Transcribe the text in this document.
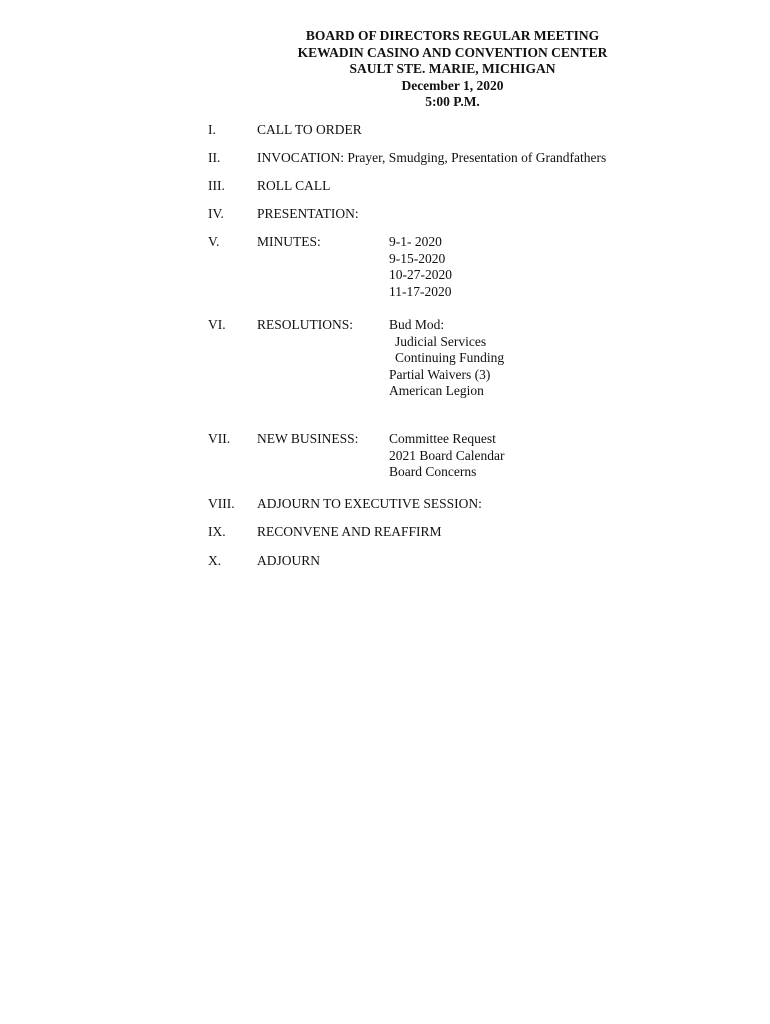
BOARD OF DIRECTORS REGULAR MEETING
KEWADIN CASINO AND CONVENTION CENTER
SAULT STE. MARIE, MICHIGAN
December 1, 2020
5:00 P.M.
I.	CALL TO ORDER
II.	INVOCATION: Prayer, Smudging, Presentation of Grandfathers
III. ROLL CALL
IV. PRESENTATION:
V.	MINUTES:	9-1- 2020
9-15-2020
10-27-2020
11-17-2020
VI. RESOLUTIONS:	Bud Mod:
Judicial Services
Continuing Funding
Partial Waivers (3)
American Legion
VII. NEW BUSINESS: Committee Request
2021 Board Calendar
Board Concerns
VIII. ADJOURN TO EXECUTIVE SESSION:
IX. RECONVENE AND REAFFIRM
X.	ADJOURN
